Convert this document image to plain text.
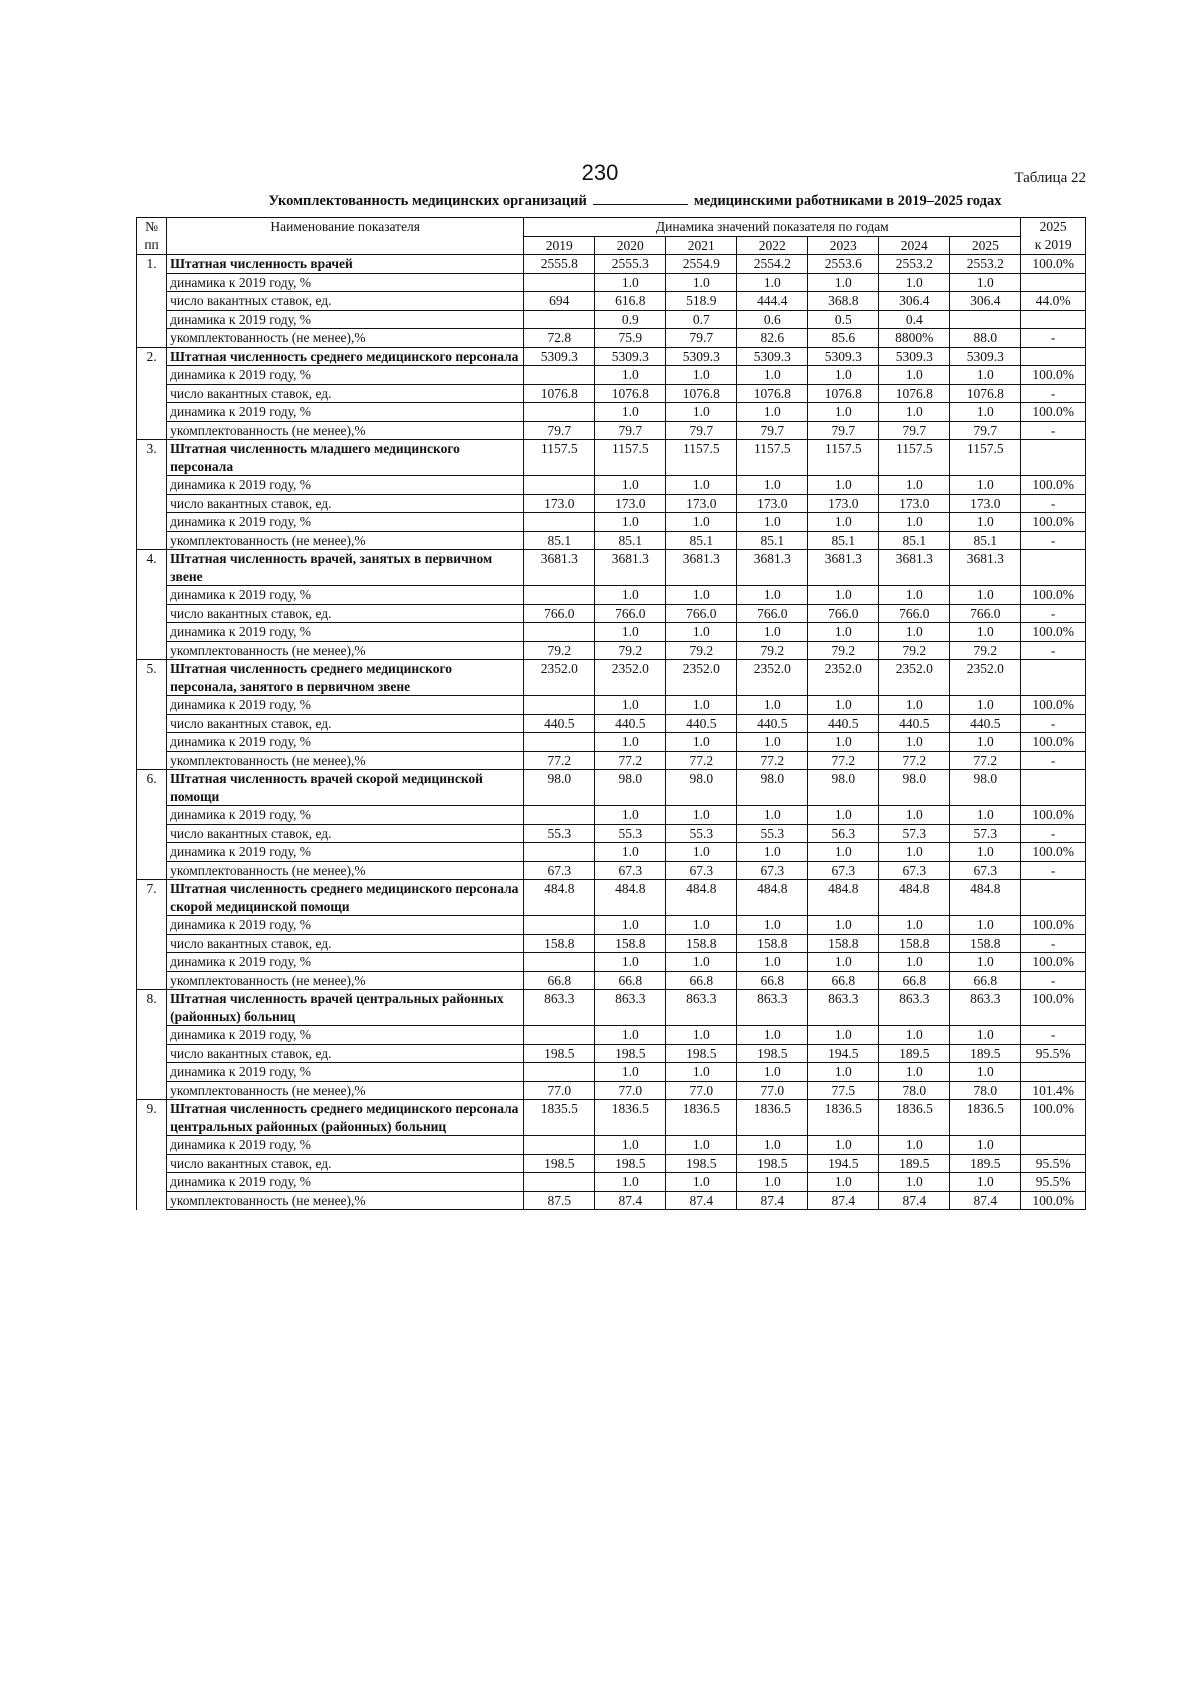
230	Таблица 22
Укомплектованность медицинских организаций	медицинскими работниками в 2019–2025 годах
№
пп	Наименование показателя	Динамика значений показателя по годам							2025
к 2019
		2019	2020	2021	2022	2023	2024	2025	
1.	Штатная численность врачей	2555.8	2555.3	2554.9	2554.2	2553.6	2553.2	2553.2	100.0%
	динамика к 2019 году, %		1.0	1.0	1.0	1.0	1.0	1.0	
	число вакантных ставок, ед.	694	616.8	518.9	444.4	368.8	306.4	306.4	44.0%
	динамика к 2019 году, %		0.9	0.7	0.6	0.5	0.4		
	укомплектованность (не менее),%	72.8	75.9	79.7	82.6	85.6	8800%	88.0	-
2.	Штатная численность среднего медицинского персонала	5309.3	5309.3	5309.3	5309.3	5309.3	5309.3	5309.3	
	динамика к 2019 году, %		1.0	1.0	1.0	1.0	1.0	1.0	100.0%
	число вакантных ставок, ед.	1076.8	1076.8	1076.8	1076.8	1076.8	1076.8	1076.8	-
	динамика к 2019 году, %		1.0	1.0	1.0	1.0	1.0	1.0	100.0%
	укомплектованность (не менее),%	79.7	79.7	79.7	79.7	79.7	79.7	79.7	-
3.	Штатная численность младшего медицинского персонала	1157.5	1157.5	1157.5	1157.5	1157.5	1157.5	1157.5	
	динамика к 2019 году, %		1.0	1.0	1.0	1.0	1.0	1.0	100.0%
	число вакантных ставок, ед.	173.0	173.0	173.0	173.0	173.0	173.0	173.0	-
	динамика к 2019 году, %		1.0	1.0	1.0	1.0	1.0	1.0	100.0%
	укомплектованность (не менее),%	85.1	85.1	85.1	85.1	85.1	85.1	85.1	-
4.	Штатная численность врачей, занятых в первичном звене	3681.3	3681.3	3681.3	3681.3	3681.3	3681.3	3681.3	
	динамика к 2019 году, %		1.0	1.0	1.0	1.0	1.0	1.0	100.0%
	число вакантных ставок, ед.	766.0	766.0	766.0	766.0	766.0	766.0	766.0	-
	динамика к 2019 году, %		1.0	1.0	1.0	1.0	1.0	1.0	100.0%
	укомплектованность (не менее),%	79.2	79.2	79.2	79.2	79.2	79.2	79.2	-
5.	Штатная численность среднего медицинского персонала, занятого в первичном звене	2352.0	2352.0	2352.0	2352.0	2352.0	2352.0	2352.0	
	динамика к 2019 году, %		1.0	1.0	1.0	1.0	1.0	1.0	100.0%
	число вакантных ставок, ед.	440.5	440.5	440.5	440.5	440.5	440.5	440.5	-
	динамика к 2019 году, %		1.0	1.0	1.0	1.0	1.0	1.0	100.0%
	укомплектованность (не менее),%	77.2	77.2	77.2	77.2	77.2	77.2	77.2	-
6.	Штатная численность врачей скорой медицинской помощи	98.0	98.0	98.0	98.0	98.0	98.0	98.0	
	динамика к 2019 году, %		1.0	1.0	1.0	1.0	1.0	1.0	100.0%
	число вакантных ставок, ед.	55.3	55.3	55.3	55.3	56.3	57.3	57.3	-
	динамика к 2019 году, %		1.0	1.0	1.0	1.0	1.0	1.0	100.0%
	укомплектованность (не менее),%	67.3	67.3	67.3	67.3	67.3	67.3	67.3	-
7.	Штатная численность среднего медицинского персонала скорой медицинской помощи	484.8	484.8	484.8	484.8	484.8	484.8	484.8	
	динамика к 2019 году, %		1.0	1.0	1.0	1.0	1.0	1.0	100.0%
	число вакантных ставок, ед.	158.8	158.8	158.8	158.8	158.8	158.8	158.8	-
	динамика к 2019 году, %		1.0	1.0	1.0	1.0	1.0	1.0	100.0%
	укомплектованность (не менее),%	66.8	66.8	66.8	66.8	66.8	66.8	66.8	-
8.	Штатная численность врачей центральных районных (районных) больниц	863.3	863.3	863.3	863.3	863.3	863.3	863.3	100.0%
	динамика к 2019 году, %		1.0	1.0	1.0	1.0	1.0	1.0	-
	число вакантных ставок, ед.	198.5	198.5	198.5	198.5	194.5	189.5	189.5	95.5%
	динамика к 2019 году, %		1.0	1.0	1.0	1.0	1.0	1.0	
	укомплектованность (не менее),%	77.0	77.0	77.0	77.0	77.5	78.0	78.0	101.4%
9.	Штатная численность среднего медицинского персонала центральных районных (районных) больниц	1835.5	1836.5	1836.5	1836.5	1836.5	1836.5	1836.5	100.0%
	динамика к 2019 году, %		1.0	1.0	1.0	1.0	1.0	1.0	
	число вакантных ставок, ед.	198.5	198.5	198.5	198.5	194.5	189.5	189.5	95.5%
	динамика к 2019 году, %		1.0	1.0	1.0	1.0	1.0	1.0	95.5%
	укомплектованность (не менее),%	87.5	87.4	87.4	87.4	87.4	87.4	87.4	100.0%
